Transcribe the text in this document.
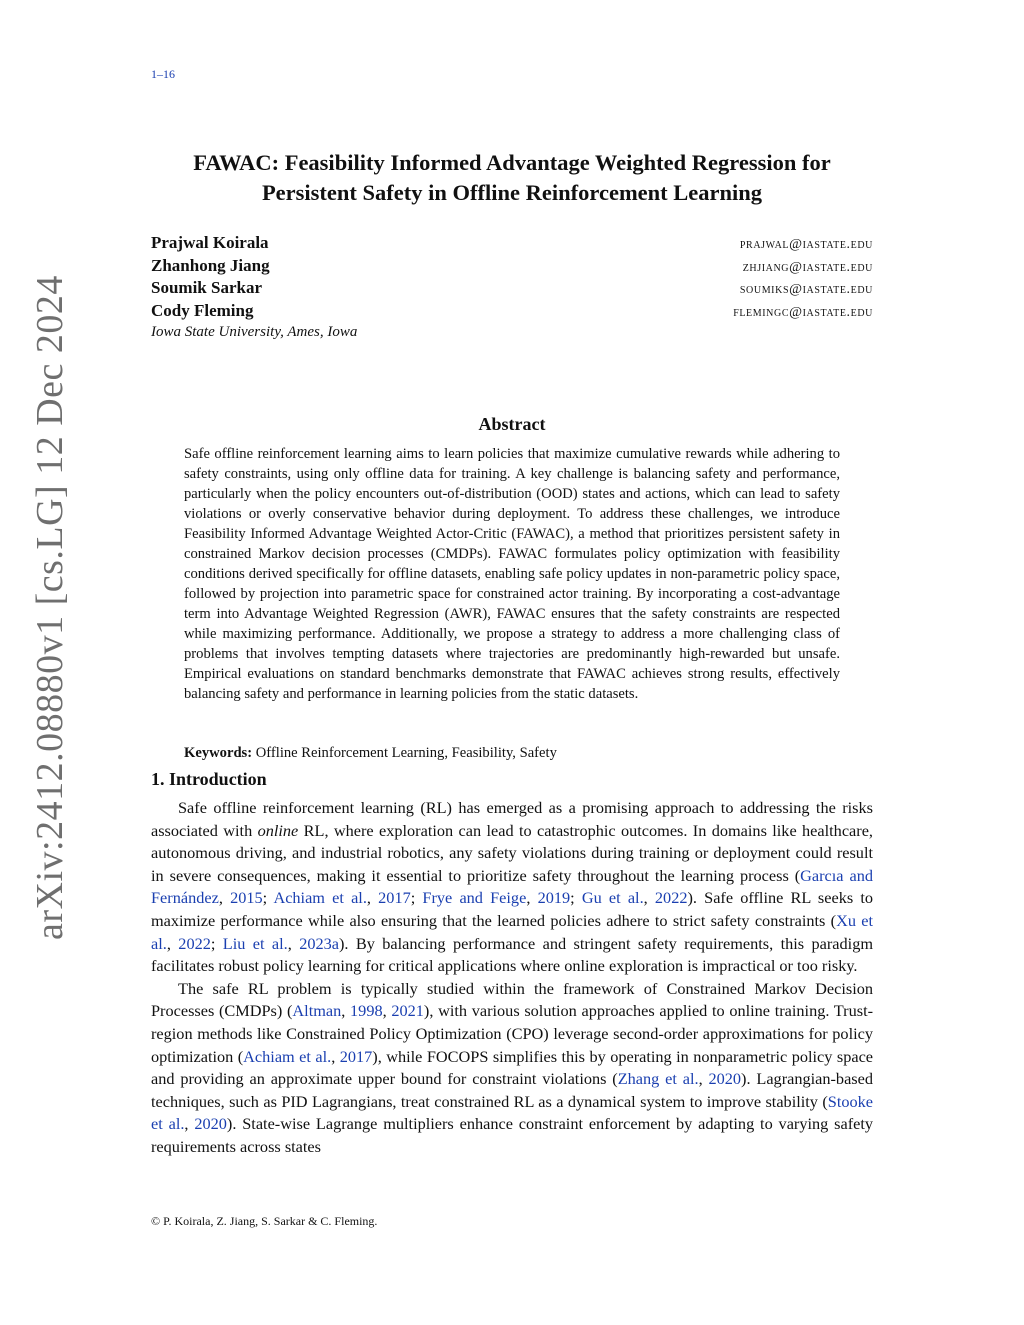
1–16
arXiv:2412.08880v1 [cs.LG] 12 Dec 2024
FAWAC: Feasibility Informed Advantage Weighted Regression for Persistent Safety in Offline Reinforcement Learning
Prajwal Koirala	prajwal@iastate.edu
Zhanhong Jiang	zhjiang@iastate.edu
Soumik Sarkar	soumiks@iastate.edu
Cody Fleming	flemingc@iastate.edu
Iowa State University, Ames, Iowa
Abstract
Safe offline reinforcement learning aims to learn policies that maximize cumulative rewards while adhering to safety constraints, using only offline data for training. A key challenge is balancing safety and performance, particularly when the policy encounters out-of-distribution (OOD) states and actions, which can lead to safety violations or overly conservative behavior during deployment. To address these challenges, we introduce Feasibility Informed Advantage Weighted Actor-Critic (FAWAC), a method that prioritizes persistent safety in constrained Markov decision processes (CMDPs). FAWAC formulates policy optimization with feasibility conditions derived specifically for offline datasets, enabling safe policy updates in non-parametric policy space, followed by projection into parametric space for constrained actor training. By incorporating a cost-advantage term into Advantage Weighted Regression (AWR), FAWAC ensures that the safety constraints are respected while maximizing performance. Additionally, we propose a strategy to address a more challenging class of problems that involves tempting datasets where trajectories are predominantly high-rewarded but unsafe. Empirical evaluations on standard benchmarks demonstrate that FAWAC achieves strong results, effectively balancing safety and performance in learning policies from the static datasets.
Keywords: Offline Reinforcement Learning, Feasibility, Safety
1. Introduction

Safe offline reinforcement learning (RL) has emerged as a promising approach to addressing the risks associated with online RL, where exploration can lead to catastrophic outcomes. In domains like healthcare, autonomous driving, and industrial robotics, any safety violations during training or deployment could result in severe consequences, making it essential to prioritize safety throughout the learning process (Garcıa and Fernández, 2015; Achiam et al., 2017; Frye and Feige, 2019; Gu et al., 2022). Safe offline RL seeks to maximize performance while also ensuring that the learned policies adhere to strict safety constraints (Xu et al., 2022; Liu et al., 2023a). By balancing performance and stringent safety requirements, this paradigm facilitates robust policy learning for critical applications where online exploration is impractical or too risky.

The safe RL problem is typically studied within the framework of Constrained Markov Decision Processes (CMDPs) (Altman, 1998, 2021), with various solution approaches applied to online training. Trust-region methods like Constrained Policy Optimization (CPO) leverage second-order approximations for policy optimization (Achiam et al., 2017), while FOCOPS simplifies this by operating in nonparametric policy space and providing an approximate upper bound for constraint violations (Zhang et al., 2020). Lagrangian-based techniques, such as PID Lagrangians, treat constrained RL as a dynamical system to improve stability (Stooke et al., 2020). State-wise Lagrange multipliers enhance constraint enforcement by adapting to varying safety requirements across states

© P. Koirala, Z. Jiang, S. Sarkar & C. Fleming.
